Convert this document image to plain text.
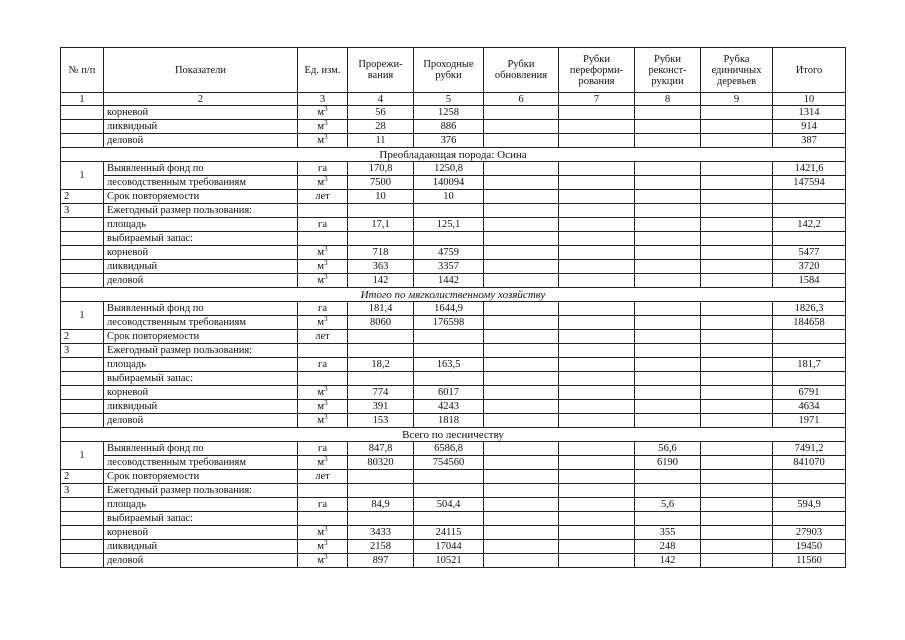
№ п/п	Показатели	Ед. изм.	Прорежи-вания	Проходные рубки	Рубки обновления	Рубки переформи-рования	Рубки реконст-рукции	Рубка единичных деревьев	Итого
1	2	3	4	5	6	7	8	9	10
	корневой	$м^3$	56	1258					1314
	ликвидный	$м^3$	28	886					914
	деловой	$м^3$	11	376					387
Преобладающая порода: Осина									
1	Выявленный фонд по	га	170,8	1250,8					1421,6
	лесоводственным требованиям	$м^3$	7500	140094					147594
2	Срок повторяемости	лет	10	10					
3	Ежегодный размер пользования:								
	площадь	га	17,1	125,1					142,2
	выбираемый запас:								
	корневой	$м^3$	718	4759					5477
	ликвидный	$м^3$	363	3357					3720
	деловой	$м^3$	142	1442					1584
Итого по мягколиственному хозяйству									
1	Выявленный фонд по	га	181,4	1644,9					1826,3
	лесоводственным требованиям	$м^3$	8060	176598					184658
2	Срок повторяемости	лет							
3	Ежегодный размер пользования:								
	площадь	га	18,2	163,5					181,7
	выбираемый запас:								
	корневой	$м^3$	774	6017					6791
	ликвидный	$м^3$	391	4243					4634
	деловой	$м^3$	153	1818					1971
Всего по лесничеству									
1	Выявленный фонд по	га	847,8	6586,8			56,6		7491,2
	лесоводственным требованиям	$м^3$	80320	754560			6190		841070
2	Срок повторяемости	лет							
3	Ежегодный размер пользования:								
	площадь	га	84,9	504,4			5,6		594,9
	выбираемый запас:								
	корневой	$м^3$	3433	24115			355		27903
	ликвидный	$м^3$	2158	17044			248		19450
	деловой	$м^3$	897	10521			142		11560
